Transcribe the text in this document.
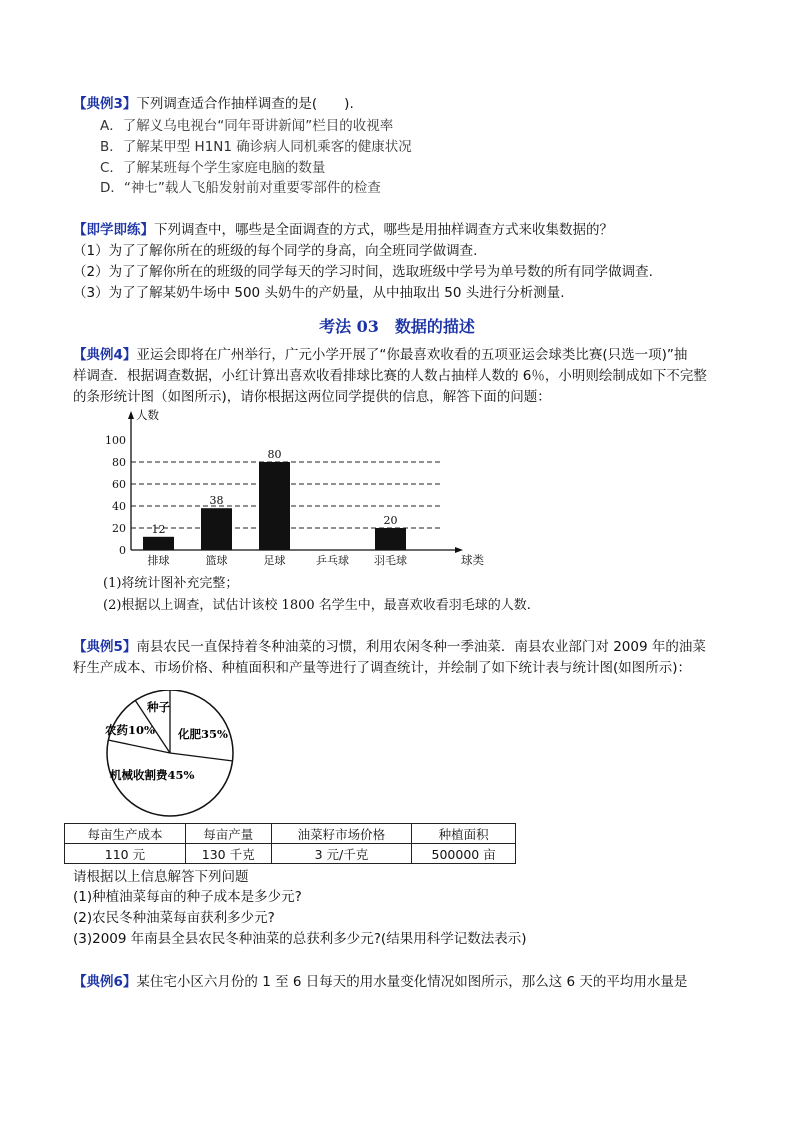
【典例3】下列调查适合作抽样调查的是(　　).
A．了解义乌电视台“同年哥讲新闻”栏目的收视率
B．了解某甲型 H1N1 确诊病人同机乘客的健康状况
C．了解某班每个学生家庭电脑的数量
D．“神七”载人飞船发射前对重要零部件的检查
【即学即练】下列调查中，哪些是全面调查的方式，哪些是用抽样调查方式来收集数据的？
（1）为了了解你所在的班级的每个同学的身高，向全班同学做调查.
（2）为了了解你所在的班级的同学每天的学习时间，选取班级中学号为单号数的所有同学做调查.
（3）为了了解某奶牛场中 500 头奶牛的产奶量，从中抽取出 50 头进行分析测量.
考法 03　数据的描述
【典例4】亚运会即将在广州举行，广元小学开展了“你最喜欢收看的五项亚运会球类比赛(只选一项)”抽
样调查．根据调查数据，小红计算出喜欢收看排球比赛的人数占抽样人数的 6％，小明则绘制成如下不完整
的条形统计图（如图所示)，请你根据这两位同学提供的信息，解答下面的问题：
人数
球类
0
20
40
60
80
100
12
排球
38
篮球
80
足球	乒乓球
20
羽毛球
(1)将统计图补充完整；
(2)根据以上调查，试估计该校 1800 名学生中，最喜欢收看羽毛球的人数.
【典例5】南县农民一直保持着冬种油菜的习惯，利用农闲冬种一季油菜．南县农业部门对 2009 年的油菜
籽生产成本、市场价格、种植面积和产量等进行了调查统计，并绘制了如下统计表与统计图(如图所示)：
种子
化肥35%
机械收割费45%
农药10%
每亩生产成本	每亩产量	油菜籽市场价格	种植面积
110 元	130 千克	3 元/千克	500000 亩
请根据以上信息解答下列问题
(1)种植油菜每亩的种子成本是多少元?
(2)农民冬种油菜每亩获利多少元?
(3)2009 年南县全县农民冬种油菜的总获利多少元?(结果用科学记数法表示)
【典例6】某住宅小区六月份的 1 至 6 日每天的用水量变化情况如图所示，那么这 6 天的平均用水量是
